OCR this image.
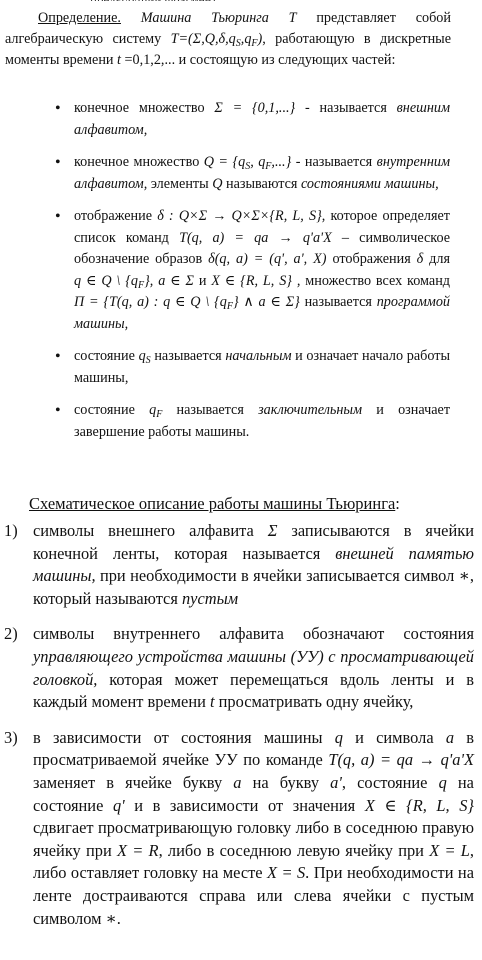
Определение. Машина Тьюринга T представляет собой алгебраическую систему $T=(\Sigma,Q,\delta,q_S,q_F)$, работающую в дискретные моменты времени t =0,1,2,... и состоящую из следующих частей:
• конечное множество Σ = {0,1,...} - называется внешним алфавитом,
• конечное множество $Q = \{q_S$, $q_F$,...} - называется внутренним алфавитом, элементы Q называются состояниями машины,
• отображение δ : Q×Σ → Q×Σ×{R, L, S}, которое определяет список команд T(q, a) = qa → q'a'X – символическое обозначение образов δ(q, a) = (q', a', X) отображения δ для q ∈ Q \ $\{q_F\}$, a ∈ Σ и X ∈ {R, L, S} , множество всех команд Π = {T(q, a) : q ∈ Q \ $\{q_F\}$ ∧ a ∈ Σ} называется программой машины,
• состояние $q_S$ называется начальным и означает начало работы машины,
• состояние $q_F$ называется заключительным и означает завершение работы машины.
Схематическое описание работы машины Тьюринга:
1) символы внешнего алфавита Σ записываются в ячейки конечной ленты, которая называется внешней памятью машины, при необходимости в ячейки записывается символ ∗, который называются пустым
2) символы внутреннего алфавита обозначают состояния управляющего устройства машины (УУ) с просматривающей головкой, которая может перемещаться вдоль ленты и в каждый момент времени t просматривать одну ячейку,
3) в зависимости от состояния машины q и символа a в просматриваемой ячейке УУ по команде T(q, a) = qa → q'a'X заменяет в ячейке букву a на букву a', состояние q на состояние q' и в зависимости от значения X ∈ {R, L, S} сдвигает просматривающую головку либо в соседнюю правую ячейку при X = R, либо в соседнюю левую ячейку при X = L, либо оставляет головку на месте X = S. При необходимости на ленте достраиваются справа или слева ячейки с пустым символом ∗.
